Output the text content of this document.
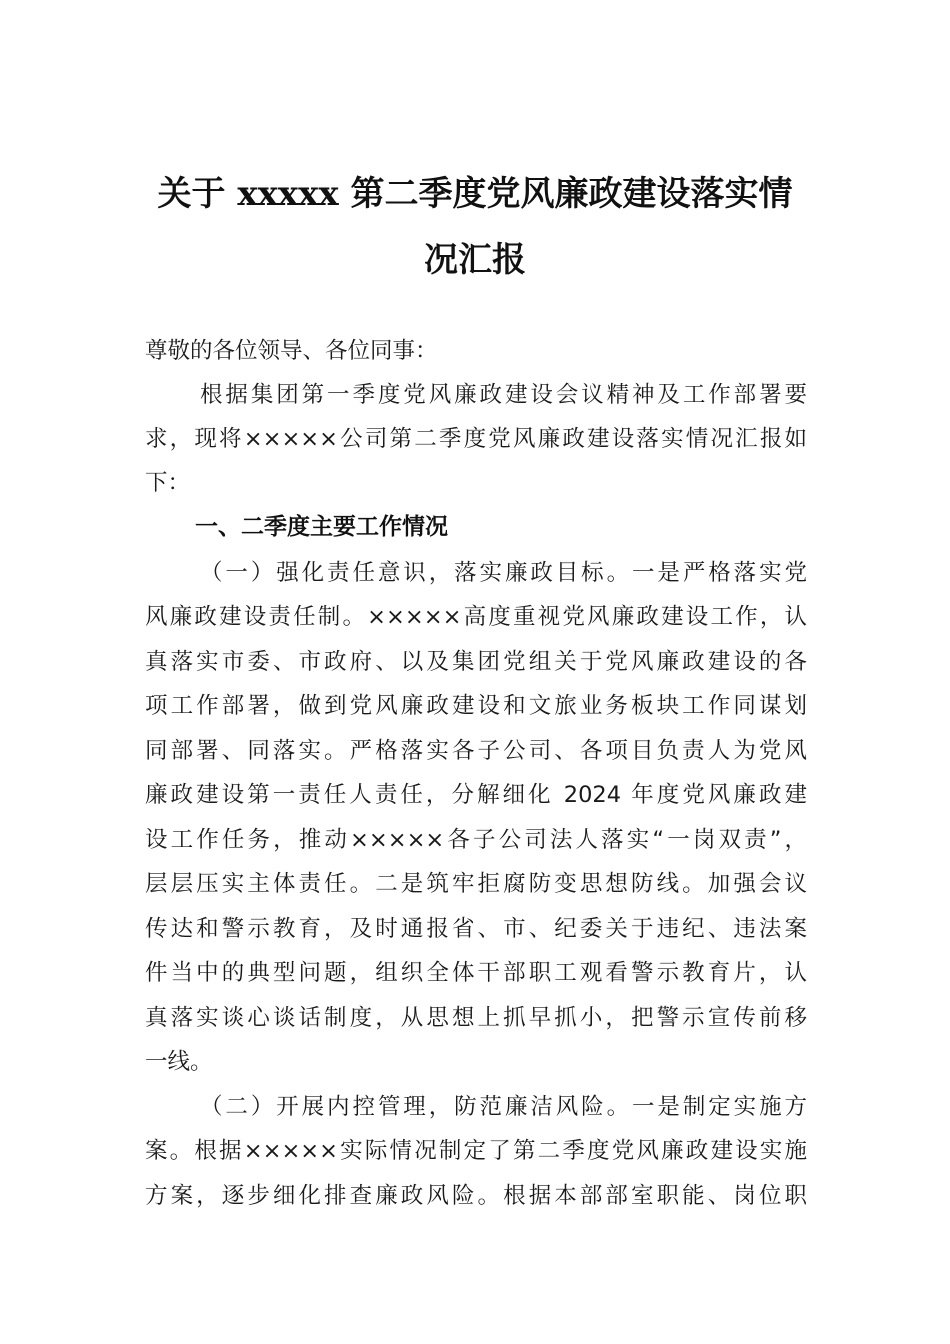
关于 xxxxx 第二季度党风廉政建设落实情
况汇报
尊敬的各位领导、各位同事：
根据集团第一季度党风廉政建设会议精神及工作部署要
求，现将×××××公司第二季度党风廉政建设落实情况汇报如
下：
一、二季度主要工作情况
（一）强化责任意识，落实廉政目标。一是严格落实党
风廉政建设责任制。×××××高度重视党风廉政建设工作，认
真落实市委、市政府、以及集团党组关于党风廉政建设的各
项工作部署，做到党风廉政建设和文旅业务板块工作同谋划
同部署、同落实。严格落实各子公司、各项目负责人为党风
廉政建设第一责任人责任，分解细化 2024 年度党风廉政建
设工作任务，推动×××××各子公司法人落实“一岗双责”，
层层压实主体责任。二是筑牢拒腐防变思想防线。加强会议
传达和警示教育，及时通报省、市、纪委关于违纪、违法案
件当中的典型问题，组织全体干部职工观看警示教育片，认
真落实谈心谈话制度，从思想上抓早抓小，把警示宣传前移
一线。
（二）开展内控管理，防范廉洁风险。一是制定实施方
案。根据×××××实际情况制定了第二季度党风廉政建设实施
方案，逐步细化排查廉政风险。根据本部部室职能、岗位职
